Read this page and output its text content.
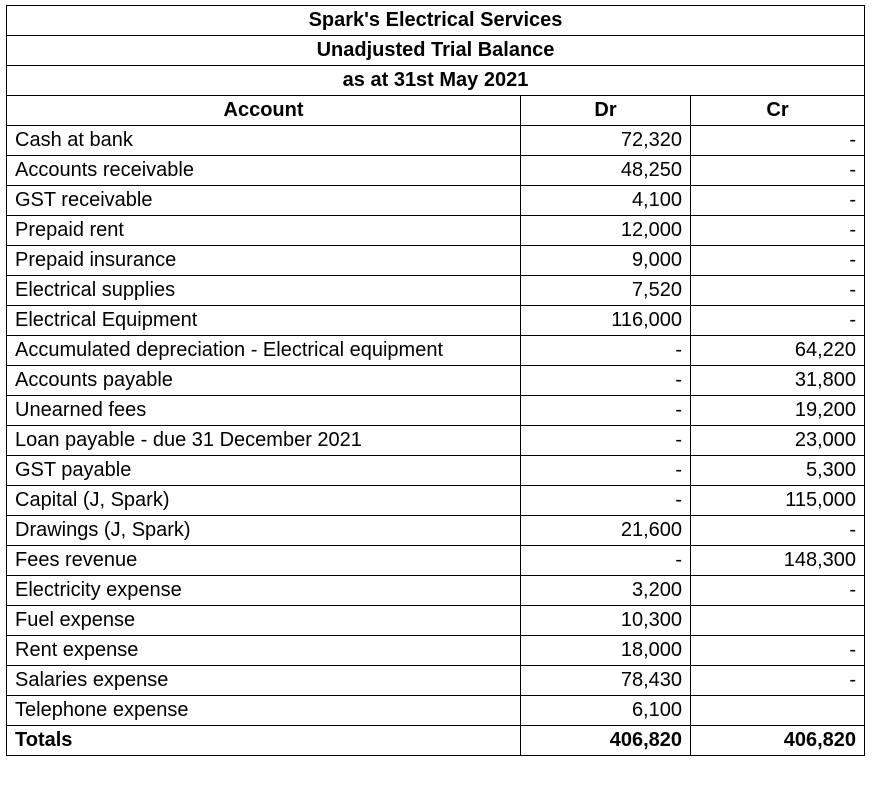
Spark's Electrical Services		
Unadjusted Trial Balance		
as at 31st May 2021		
Account	Dr	Cr
Cash at bank	72,320	-
Accounts receivable	48,250	-
GST receivable	4,100	-
Prepaid rent	12,000	-
Prepaid insurance	9,000	-
Electrical supplies	7,520	-
Electrical Equipment	116,000	-
Accumulated depreciation - Electrical equipment	-	64,220
Accounts payable	-	31,800
Unearned fees	-	19,200
Loan payable - due 31 December 2021	-	23,000
GST payable	-	5,300
Capital (J, Spark)	-	115,000
Drawings (J, Spark)	21,600	-
Fees revenue	-	148,300
Electricity expense	3,200	-
Fuel expense	10,300	
Rent expense	18,000	-
Salaries expense	78,430	-
Telephone expense	6,100	
Totals	406,820	406,820
